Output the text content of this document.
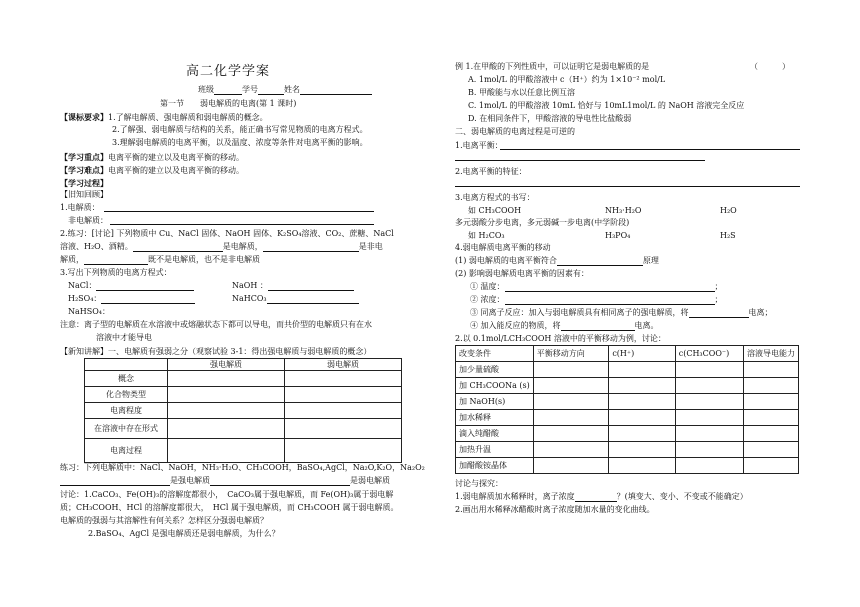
高二化学学案
班级	学号	姓名
第一节　　弱电解质的电离(第 1 课时)
【课标要求】1.了解电解质、强电解质和弱电解质的概念。
2.了解强、弱电解质与结构的关系，能正确书写常见物质的电离方程式。
3.理解弱电解质的电离平衡，以及温度、浓度等条件对电离平衡的影响。
【学习重点】电离平衡的建立以及电离平衡的移动。
【学习难点】电离平衡的建立以及电离平衡的移动。
【学习过程】
【旧知回顾】
1.电解质：
非电解质：
2.练习：[讨论] 下列物质中 Cu、NaCl 固体、NaOH 固体、K₂SO₄溶液、CO₂、蔗糖、NaCl
溶液、H₂O、酒精。	是电解质，	是非电
解质，	既不是电解质，也不是非电解质
3.写出下列物质的电离方程式：
NaCl：	NaOH ：
H₂SO₄：	NaHCO₃
NaHSO₄：
注意：离子型的电解质在水溶液中或熔融状态下都可以导电，而共价型的电解质只有在水
溶液中才能导电
【新知讲解】一、电解质有强弱之分（观察试验 3-1：得出强电解质与弱电解质的概念）
	强电解质	弱电解质
概念		
化合物类型		
电离程度		
在溶液中存在形式		
电离过程		
练习：下列电解质中：NaCl、NaOH，NH₃·H₂O、CH₃COOH，BaSO₄,AgCl，Na₂O,K₂O，Na₂O₂
是强电解质	是弱电解质
讨论：1.CaCO₃、Fe(OH)₃的溶解度都很小，　CaCO₃属于强电解质，而 Fe(OH)₃属于弱电解
质；CH₃COOH、HCl 的溶解度都很大，　HCl 属于强电解质，而 CH₃COOH 属于弱电解质。
电解质的强弱与其溶解性有何关系？怎样区分强弱电解质？
2.BaSO₄、AgCl 是强电解质还是弱电解质，为什么？
例 1.在甲酸的下列性质中，可以证明它是弱电解质的是	（　　　）
A. 1mol/L 的甲酸溶液中 c（H⁺）约为 1×10⁻² mol/L
B. 甲酸能与水以任意比例互溶
C. 1mol/L 的甲酸溶液 10mL 恰好与 10mL1mol/L 的 NaOH 溶液完全反应
D. 在相同条件下，甲酸溶液的导电性比盐酸弱
二、弱电解质的电离过程是可逆的
1.电离平衡：
2.电离平衡的特征：
3.电离方程式的书写：
如 CH₃COOH	NH₃·H₂O	H₂O
多元弱酸分步电离，多元弱碱一步电离(中学阶段)
如 H₂CO₃	H₃PO₄	H₂S
4.弱电解质电离平衡的移动
(1) 弱电解质的电离平衡符合	原理
(2) 影响弱电解质电离平衡的因素有：
① 温度：	；
② 浓度：	；
③ 同离子反应：加入与弱电解质具有相同离子的强电解质，将	电离；
④ 加入能反应的物质，将	电离。
2.以 0.1mol/LCH₃COOH 溶液中的平衡移动为例，讨论：
改变条件	平衡移动方向	c(H⁺)	c(CH₃COO⁻)	溶液导电能力
加少量硫酸				
加 CH₃COONa (s)				
加 NaOH(s)				
加水稀释				
滴入纯醋酸				
加热升温				
加醋酸铵晶体				
讨论与探究：
1.弱电解质加水稀释时，离子浓度	？(填变大、变小、不变或不能确定）
2.画出用水稀释冰醋酸时离子浓度随加水量的变化曲线。
